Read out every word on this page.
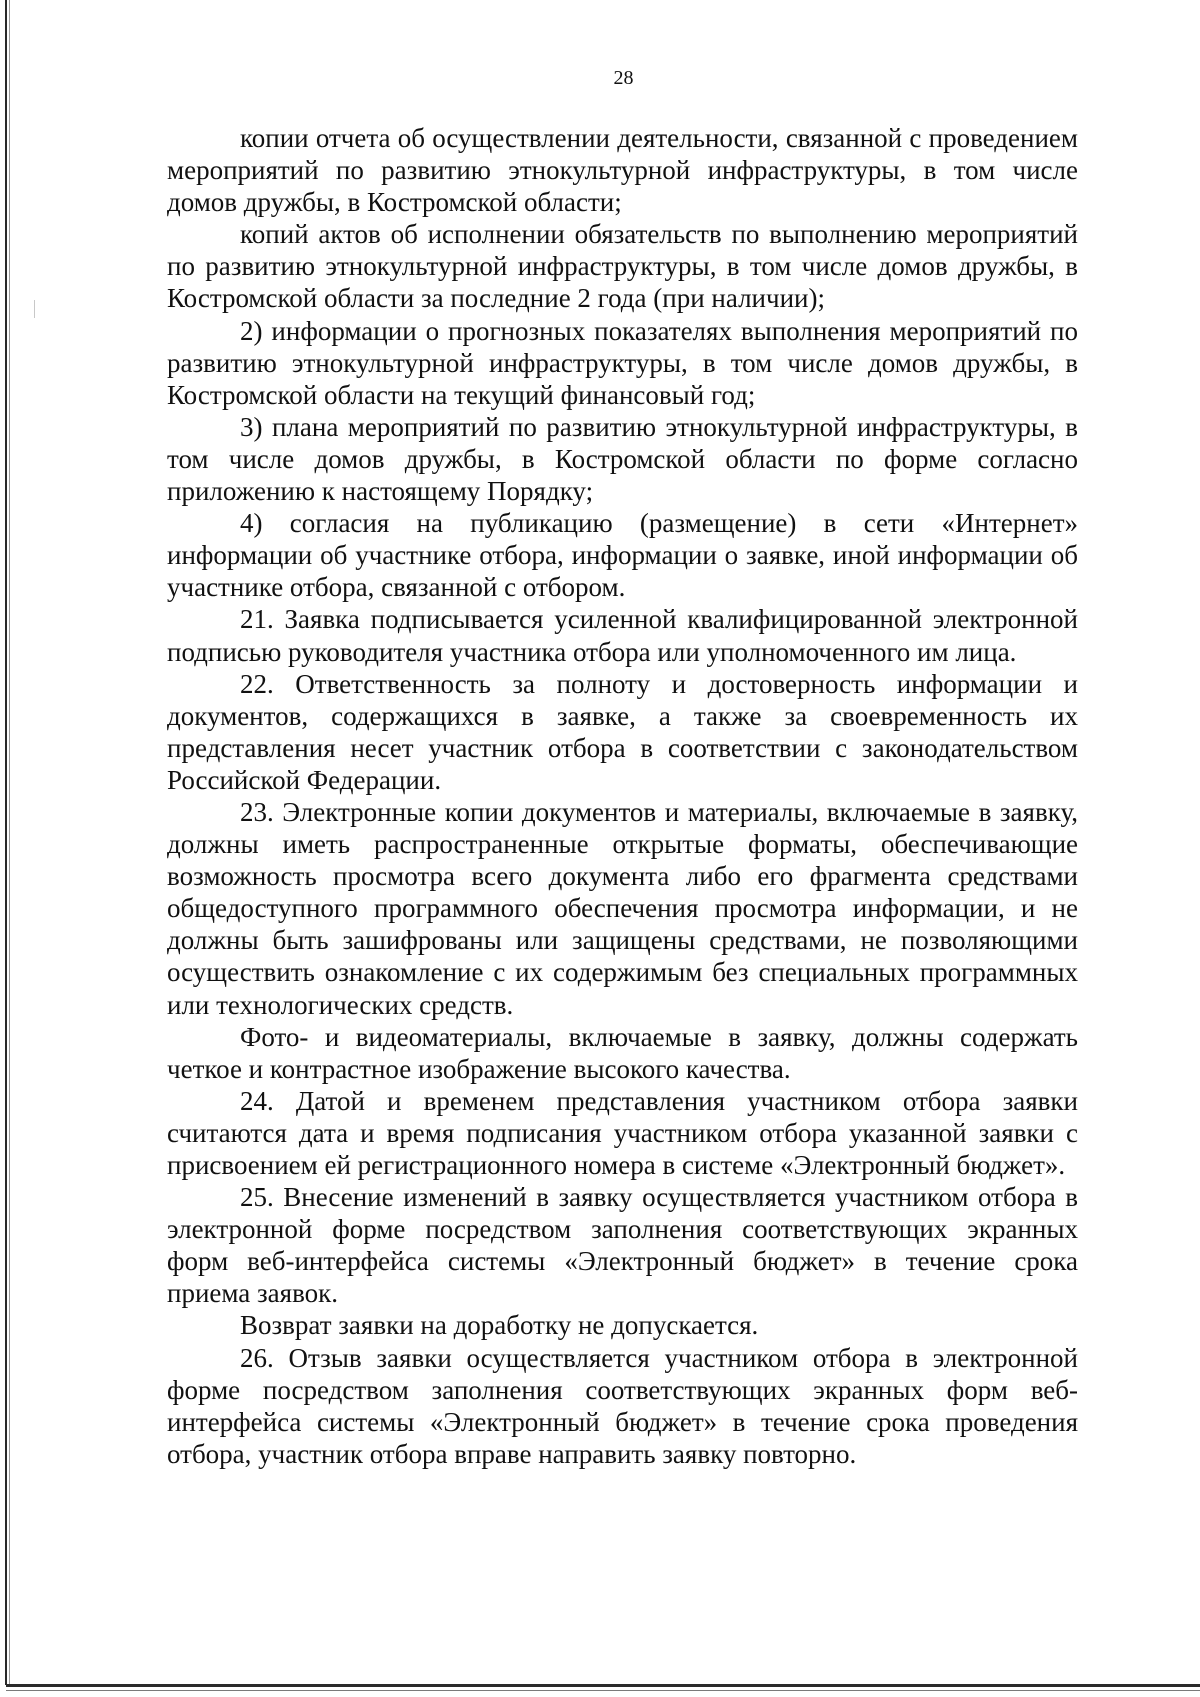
28

копии отчета об осуществлении деятельности, связанной с проведением мероприятий по развитию этнокультурной инфраструктуры, в том числе домов дружбы, в Костромской области;

копий актов об исполнении обязательств по выполнению мероприятий по развитию этнокультурной инфраструктуры, в том числе домов дружбы, в Костромской области за последние 2 года (при наличии);

2) информации о прогнозных показателях выполнения мероприятий по развитию этнокультурной инфраструктуры, в том числе домов дружбы, в Костромской области на текущий финансовый год;

3) плана мероприятий по развитию этнокультурной инфраструктуры, в том числе домов дружбы, в Костромской области по форме согласно приложению к настоящему Порядку;

4) согласия на публикацию (размещение) в сети «Интернет» информации об участнике отбора, информации о заявке, иной информации об участнике отбора, связанной с отбором.

21. Заявка подписывается усиленной квалифицированной электронной подписью руководителя участника отбора или уполномоченного им лица.

22. Ответственность за полноту и достоверность информации и документов, содержащихся в заявке, а также за своевременность их представления несет участник отбора в соответствии с законодательством Российской Федерации.

23. Электронные копии документов и материалы, включаемые в заявку, должны иметь распространенные открытые форматы, обеспечивающие возможность просмотра всего документа либо его фрагмента средствами общедоступного программного обеспечения просмотра информации, и не должны быть зашифрованы или защищены средствами, не позволяющими осуществить ознакомление с их содержимым без специальных программных или технологических средств.

Фото- и видеоматериалы, включаемые в заявку, должны содержать четкое и контрастное изображение высокого качества.

24. Датой и временем представления участником отбора заявки считаются дата и время подписания участником отбора указанной заявки с присвоением ей регистрационного номера в системе «Электронный бюджет».

25. Внесение изменений в заявку осуществляется участником отбора в электронной форме посредством заполнения соответствующих экранных форм веб-интерфейса системы «Электронный бюджет» в течение срока приема заявок.

Возврат заявки на доработку не допускается.

26. Отзыв заявки осуществляется участником отбора в электронной форме посредством заполнения соответствующих экранных форм веб-интерфейса системы «Электронный бюджет» в течение срока проведения отбора, участник отбора вправе направить заявку повторно.
